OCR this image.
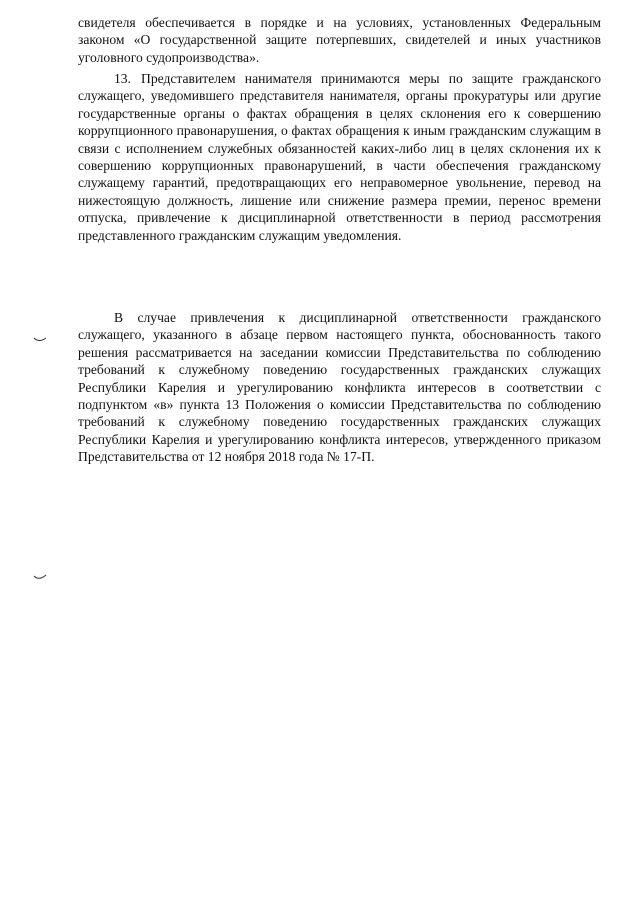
свидетеля обеспечивается в порядке и на условиях, установленных Федеральным законом «О государственной защите потерпевших, свидетелей и иных участников уголовного судопроизводства».

13. Представителем нанимателя принимаются меры по защите гражданского служащего, уведомившего представителя нанимателя, органы прокуратуры или другие государственные органы о фактах обращения в целях склонения его к совершению коррупционного правонарушения, о фактах обращения к иным гражданским служащим в связи с исполнением служебных обязанностей каких-либо лиц в целях склонения их к совершению коррупционных правонарушений, в части обеспечения гражданскому служащему гарантий, предотвращающих его неправомерное увольнение, перевод на нижестоящую должность, лишение или снижение размера премии, перенос времени отпуска, привлечение к дисциплинарной ответственности в период рассмотрения представленного гражданским служащим уведомления.

В случае привлечения к дисциплинарной ответственности гражданского служащего, указанного в абзаце первом настоящего пункта, обоснованность такого решения рассматривается на заседании комиссии Представительства по соблюдению требований к служебному поведению государственных гражданских служащих Республики Карелия и урегулированию конфликта интересов в соответствии с подпунктом «в» пункта 13 Положения о комиссии Представительства по соблюдению требований к служебному поведению государственных гражданских служащих Республики Карелия и урегулированию конфликта интересов, утвержденного приказом Представительства от 12 ноября 2018 года № 17-П.
